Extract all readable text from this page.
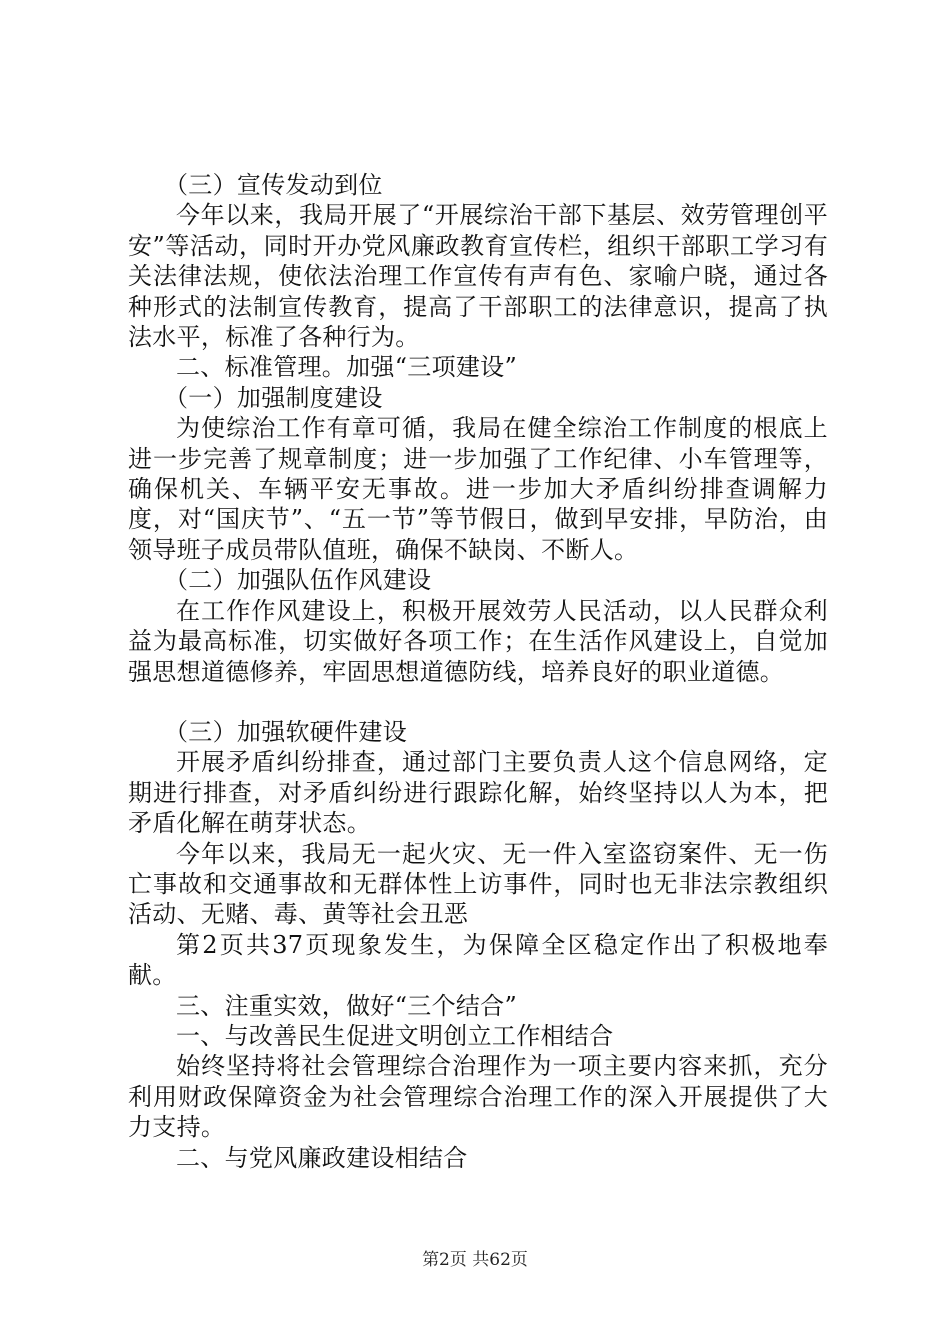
（三）宣传发动到位

今年以来，我局开展了“开展综治干部下基层、效劳管理创平安”等活动，同时开办党风廉政教育宣传栏，组织干部职工学习有关法律法规，使依法治理工作宣传有声有色、家喻户晓，通过各种形式的法制宣传教育，提高了干部职工的法律意识，提高了执法水平，标准了各种行为。

二、标准管理。加强“三项建设”

（一）加强制度建设

为使综治工作有章可循，我局在健全综治工作制度的根底上进一步完善了规章制度；进一步加强了工作纪律、小车管理等，确保机关、车辆平安无事故。进一步加大矛盾纠纷排查调解力度，对“国庆节”、“五一节”等节假日，做到早安排，早防治，由领导班子成员带队值班，确保不缺岗、不断人。

（二）加强队伍作风建设

在工作作风建设上，积极开展效劳人民活动，以人民群众利益为最高标准，切实做好各项工作；在生活作风建设上，自觉加强思想道德修养，牢固思想道德防线，培养良好的职业道德。

（三）加强软硬件建设

开展矛盾纠纷排查，通过部门主要负责人这个信息网络，定期进行排查，对矛盾纠纷进行跟踪化解，始终坚持以人为本，把矛盾化解在萌芽状态。

今年以来，我局无一起火灾、无一件入室盗窃案件、无一伤亡事故和交通事故和无群体性上访事件，同时也无非法宗教组织活动、无赌、毒、黄等社会丑恶

第2页共37页现象发生，为保障全区稳定作出了积极地奉献。

三、注重实效，做好“三个结合”

一、与改善民生促进文明创立工作相结合

始终坚持将社会管理综合治理作为一项主要内容来抓，充分利用财政保障资金为社会管理综合治理工作的深入开展提供了大力支持。

二、与党风廉政建设相结合

第2页 共62页
